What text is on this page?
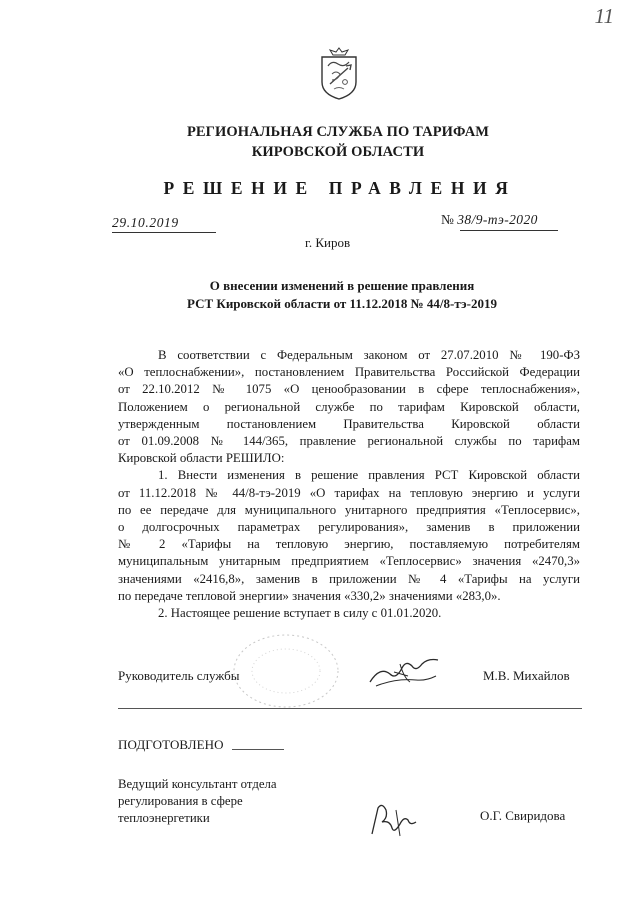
11
РЕГИОНАЛЬНАЯ СЛУЖБА ПО ТАРИФАМ
КИРОВСКОЙ ОБЛАСТИ
РЕШЕНИЕ ПРАВЛЕНИЯ
29.10.2019	№ 38/9-тэ-2020
г. Киров
О внесении изменений в решение правления
РСТ Кировской области от 11.12.2018 № 44/8-тэ-2019

В соответствии с Федеральным законом от 27.07.2010 № 190-ФЗ

«О теплоснабжении», постановлением Правительства Российской Федерации

от 22.10.2012 № 1075 «О ценообразовании в сфере теплоснабжения»,

Положением о региональной службе по тарифам Кировской области,

утвержденным постановлением Правительства Кировской области

от 01.09.2008 № 144/365, правление региональной службы по тарифам

Кировской области РЕШИЛО:

1. Внести изменения в решение правления РСТ Кировской области

от 11.12.2018 № 44/8-тэ-2019 «О тарифах на тепловую энергию и услуги

по ее передаче для муниципального унитарного предприятия «Теплосервис»,

о долгосрочных параметрах регулирования», заменив в приложении

№ 2 «Тарифы на тепловую энергию, поставляемую потребителям

муниципальным унитарным предприятием «Теплосервис» значения «2470,3»

значениями «2416,8», заменив в приложении № 4 «Тарифы на услуги

по передаче тепловой энергии» значения «330,2» значениями «283,0».

2. Настоящее решение вступает в силу с 01.01.2020.

Руководитель службы	М.В. Михайлов
ПОДГОТОВЛЕНО
Ведущий консультант отдела
регулирования в сфере
теплоэнергетики	О.Г. Свиридова
